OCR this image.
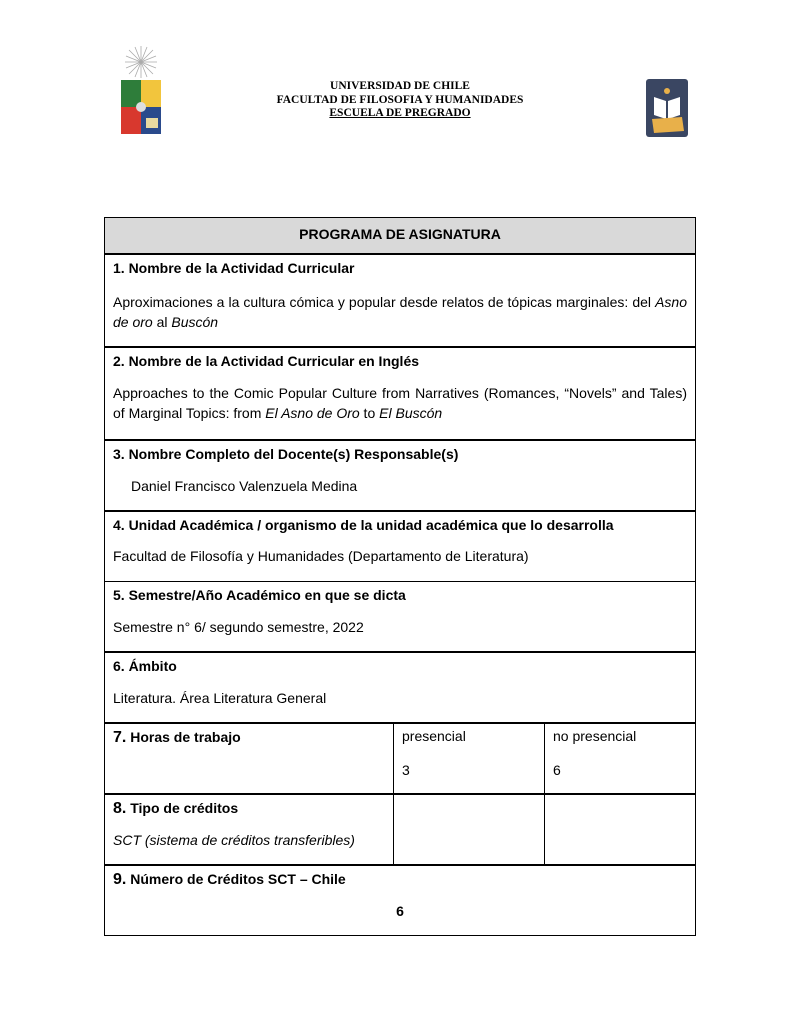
UNIVERSIDAD DE CHILE
FACULTAD DE FILOSOFIA Y HUMANIDADES
ESCUELA DE PREGRADO
PROGRAMA DE ASIGNATURA
1. Nombre de la Actividad Curricular
Aproximaciones a la cultura cómica y popular desde relatos de tópicas marginales: del Asno de oro al Buscón
2. Nombre de la Actividad Curricular en Inglés
Approaches to the Comic Popular Culture from Narratives (Romances, “Novels” and Tales) of Marginal Topics: from El Asno de Oro to El Buscón
3. Nombre Completo del Docente(s) Responsable(s)
Daniel Francisco Valenzuela Medina
4. Unidad Académica / organismo de la unidad académica que lo desarrolla
Facultad de Filosofía y Humanidades (Departamento de Literatura)
5. Semestre/Año Académico en que se dicta
Semestre n° 6/ segundo semestre, 2022
6. Ámbito
Literatura. Área Literatura General
7. Horas de trabajo	presencial
3
no presencial
6
8. Tipo de créditos
SCT (sistema de créditos transferibles)
9. Número de Créditos SCT – Chile
6
